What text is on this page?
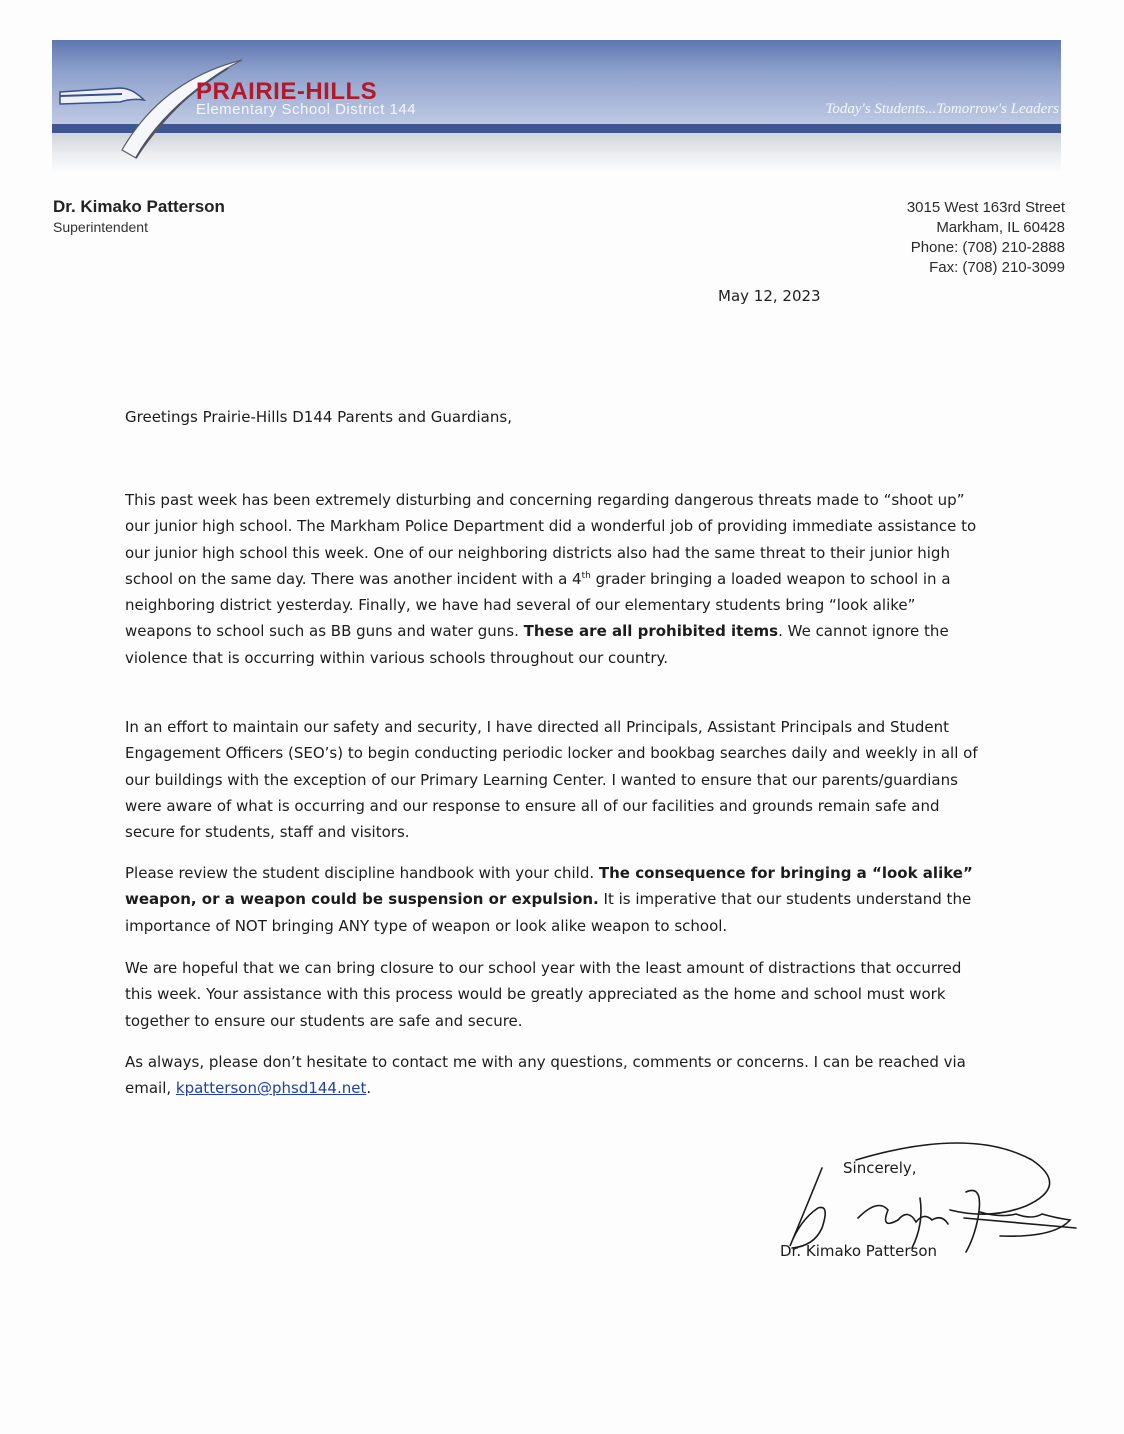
PRAIRIE-HILLS
Elementary School District 144	Today's Students...Tomorrow's Leaders
Dr. Kimako Patterson
Superintendent
3015 West 163rd Street
Markham, IL 60428
Phone: (708) 210-2888
Fax: (708) 210-3099
May 12, 2023
Greetings Prairie-Hills D144 Parents and Guardians,
This past week has been extremely disturbing and concerning regarding dangerous threats made to “shoot up” our junior high school. The Markham Police Department did a wonderful job of providing immediate assistance to our junior high school this week. One of our neighboring districts also had the same threat to their junior high school on the same day. There was another incident with a 4th grader bringing a loaded weapon to school in a neighboring district yesterday. Finally, we have had several of our elementary students bring “look alike” weapons to school such as BB guns and water guns. These are all prohibited items. We cannot ignore the violence that is occurring within various schools throughout our country.
In an effort to maintain our safety and security, I have directed all Principals, Assistant Principals and Student Engagement Officers (SEO’s) to begin conducting periodic locker and bookbag searches daily and weekly in all of our buildings with the exception of our Primary Learning Center. I wanted to ensure that our parents/guardians were aware of what is occurring and our response to ensure all of our facilities and grounds remain safe and secure for students, staff and visitors.
Please review the student discipline handbook with your child. The consequence for bringing a “look alike” weapon, or a weapon could be suspension or expulsion. It is imperative that our students understand the importance of NOT bringing ANY type of weapon or look alike weapon to school.
We are hopeful that we can bring closure to our school year with the least amount of distractions that occurred this week. Your assistance with this process would be greatly appreciated as the home and school must work together to ensure our students are safe and secure.
As always, please don’t hesitate to contact me with any questions, comments or concerns. I can be reached via email, kpatterson@phsd144.net.
Sincerely,
Dr. Kimako Patterson
